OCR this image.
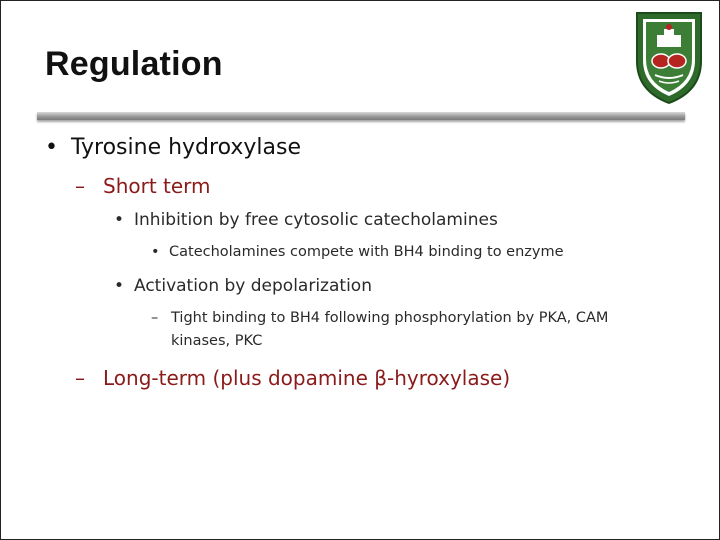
Regulation
• Tyrosine hydroxylase
– Short term
• Inhibition by free cytosolic catecholamines
• Catecholamines compete with BH4 binding to enzyme
• Activation by depolarization
– Tight binding to BH4 following phosphorylation by PKA, CAM
kinases, PKC
– Long-term (plus dopamine β-hyroxylase)
